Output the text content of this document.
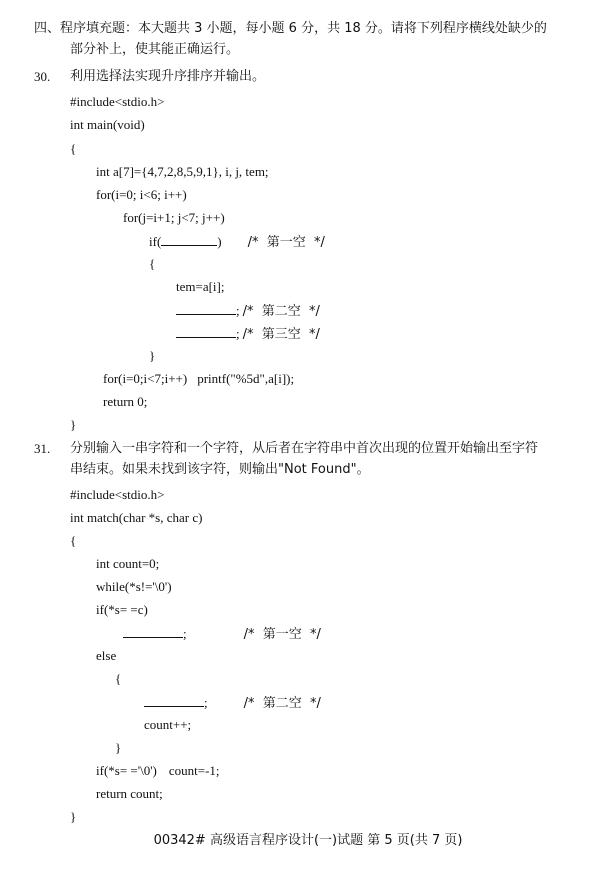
四、程序填充题：本大题共 3 小题，每小题 6 分，共 18 分。请将下列程序横线处缺少的
部分补上，使其能正确运行。
30. 利用选择法实现升序排序并输出。
#include<stdio.h>
int main(void)
{
int a[7]={4,7,2,8,5,9,1}, i, j, tem;
for(i=0; i<6; i++)
for(j=i+1; j<7; j++)
if(	) /*  第一空  */
{
tem=a[i];
; /*  第二空  */
; /*  第三空  */
}
for(i=0;i<7;i++) printf("%5d",a[i]);
return 0;
}
31. 分别输入一串字符和一个字符，从后者在字符串中首次出现的位置开始输出至字符
串结束。如果未找到该字符，则输出"Not Found"。
#include<stdio.h>
int match(char *s, char c)
{
int count=0;
while(*s!='\0')
if(*s= =c)
;	/*  第一空  */
else
{
;	/*  第二空  */
count++;
}
if(*s= ='\0') count=-1;
return count;
}
00342# 高级语言程序设计(一)试题 第 5 页(共 7 页)
